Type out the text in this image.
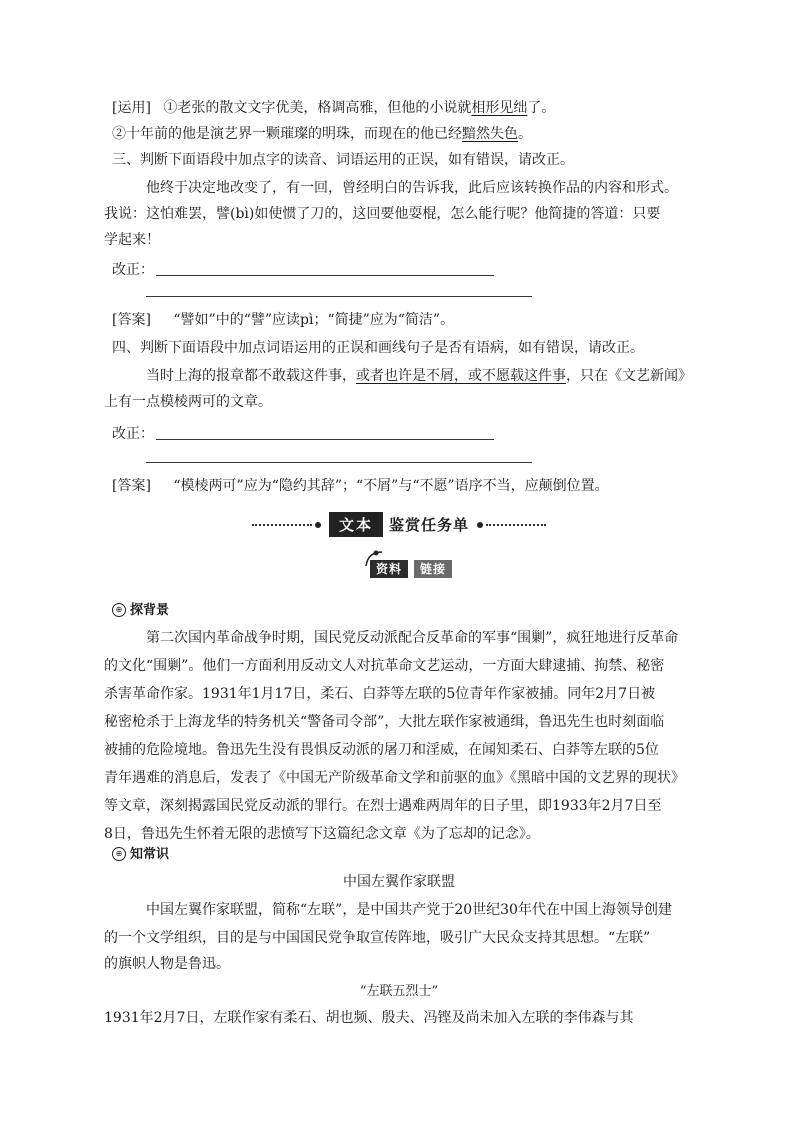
[运用] ①老张的散文文字优美，格调高雅，但他的小说就相形见绌了。
②十年前的他是演艺界一颗璀璨的明珠，而现在的他已经黯然失色。
三、判断下面语段中加点字的读音、词语运用的正误，如有错误，请改正。
他终于决定地改变了，有一回，曾经明白的告诉我，此后应该转换作品的内容和形式。
我说：这怕难罢，譬(bì)如使惯了刀的，这回要他耍棍，怎么能行呢？他简捷的答道：只要
学起来！
改正：
[答案] “譬如”中的“譬”应读pì；“简捷”应为“简洁”。
四、判断下面语段中加点词语运用的正误和画线句子是否有语病，如有错误，请改正。
当时上海的报章都不敢载这件事，或者也许是不屑，或不愿载这件事，只在《文艺新闻》
上有一点模棱两可的文章。
改正：
[答案] “模棱两可”应为“隐约其辞”；“不屑”与“不愿”语序不当，应颠倒位置。
文本 鉴赏任务单
资料	链接
⊕ 探背景
第二次国内革命战争时期，国民党反动派配合反革命的军事“围剿”，疯狂地进行反革命
的文化“围剿”。他们一方面利用反动文人对抗革命文艺运动，一方面大肆逮捕、拘禁、秘密
杀害革命作家。1931年1月17日，柔石、白莽等左联的5位青年作家被捕。同年2月7日被
秘密枪杀于上海龙华的特务机关“警备司令部”，大批左联作家被通缉，鲁迅先生也时刻面临
被捕的危险境地。鲁迅先生没有畏惧反动派的屠刀和淫威，在闻知柔石、白莽等左联的5位
青年遇难的消息后，发表了《中国无产阶级革命文学和前驱的血》《黑暗中国的文艺界的现状》
等文章，深刻揭露国民党反动派的罪行。在烈士遇难两周年的日子里，即1933年2月7日至
8日，鲁迅先生怀着无限的悲愤写下这篇纪念文章《为了忘却的记念》。
⊕ 知常识
中国左翼作家联盟
中国左翼作家联盟，简称“左联”，是中国共产党于20世纪30年代在中国上海领导创建
的一个文学组织，目的是与中国国民党争取宣传阵地，吸引广大民众支持其思想。“左联”
的旗帜人物是鲁迅。
“左联五烈士”
1931年2月7日，左联作家有柔石、胡也频、殷夫、冯铿及尚未加入左联的李伟森与其
